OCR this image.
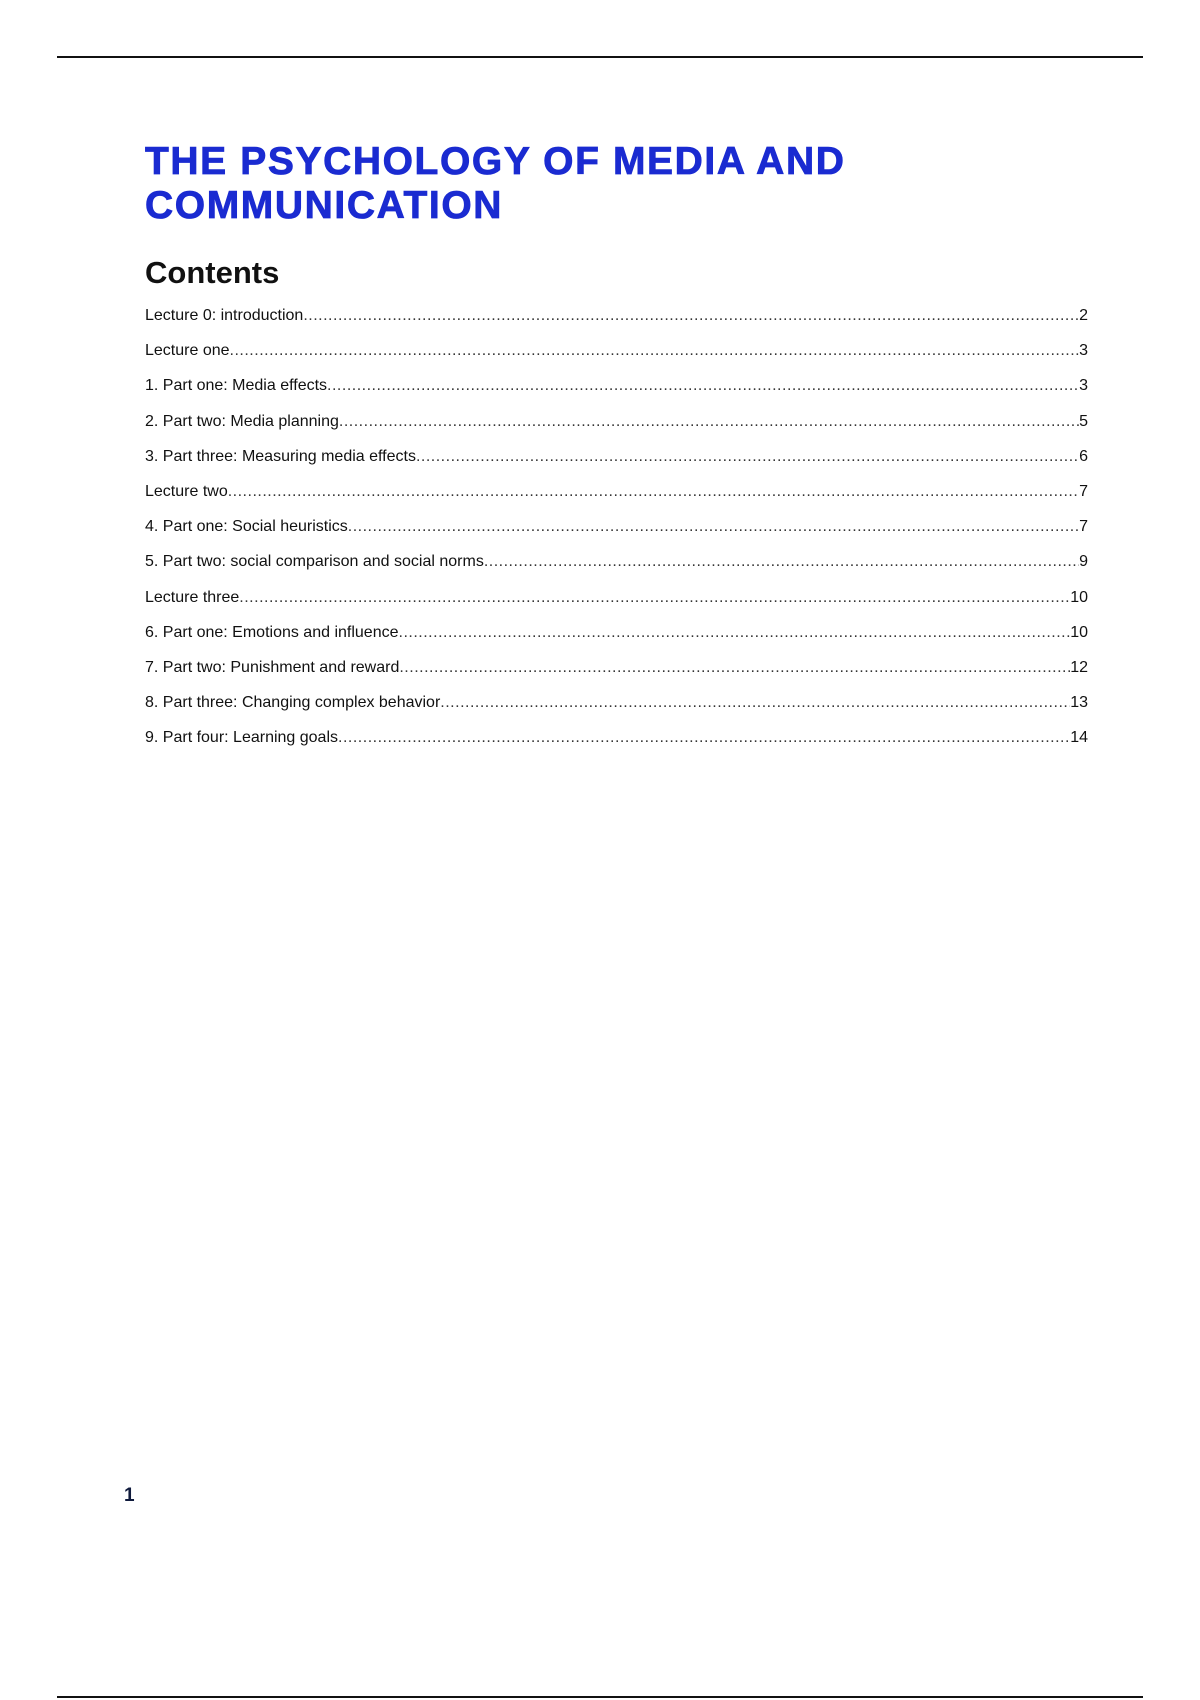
THE PSYCHOLOGY OF MEDIA AND COMMUNICATION
Contents
Lecture 0: introduction .....	2
Lecture one .....	3
1. Part one: Media effects .....	3
2. Part two: Media planning .....	5
3. Part three: Measuring media effects .....	6
Lecture two .....	7
4. Part one: Social heuristics .....	7
5. Part two: social comparison and social norms .....	9
Lecture three .....	10
6. Part one: Emotions and influence .....	10
7. Part two: Punishment and reward .....	12
8. Part three: Changing complex behavior .....	13
9. Part four: Learning goals .....	14
1
